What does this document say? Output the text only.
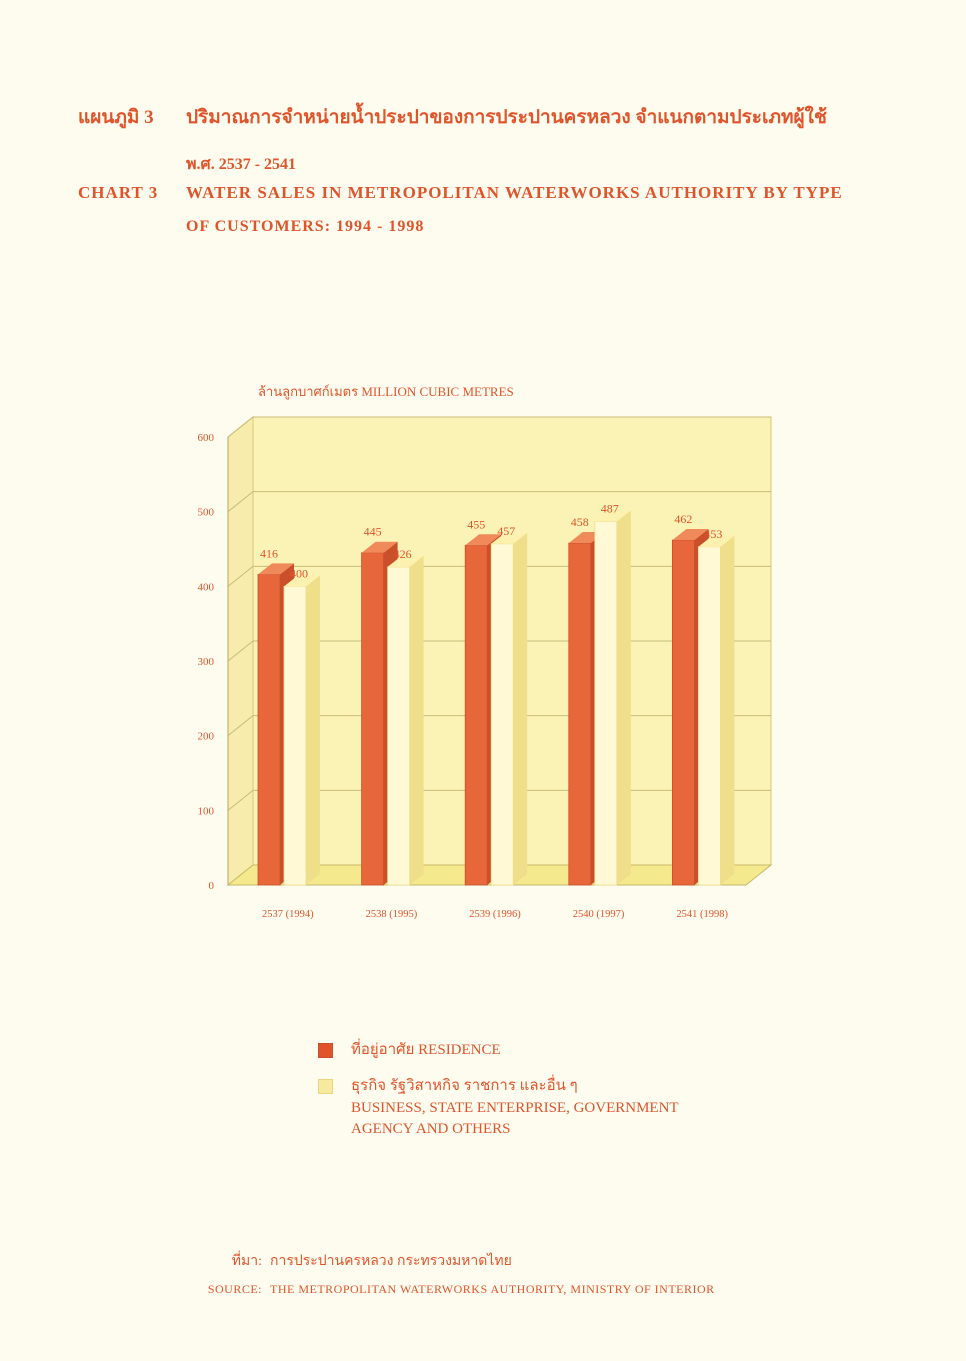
แผนภูมิ 3	ปริมาณการจำหน่ายน้ำประปาของการประปานครหลวง จำแนกตามประเภทผู้ใช้
พ.ศ. 2537 - 2541
CHART 3	WATER SALES IN METROPOLITAN WATERWORKS AUTHORITY BY TYPE
OF CUSTOMERS: 1994 - 1998
0
100
200
300
400
500
600
ล้านลูกบาศก์เมตร MILLION CUBIC METRES
416
400
2537 (1994)
445
426
2538 (1995)
455 457
2539 (1996)
458
487
2540 (1997)
462
453
2541 (1998)
ที่อยู่อาศัย RESIDENCE
ธุรกิจ รัฐวิสาหกิจ ราชการ และอื่น ๆ
BUSINESS, STATE ENTERPRISE, GOVERNMENT
AGENCY AND OTHERS
ที่มา: การประปานครหลวง กระทรวงมหาดไทย
SOURCE: THE METROPOLITAN WATERWORKS AUTHORITY, MINISTRY OF INTERIOR
